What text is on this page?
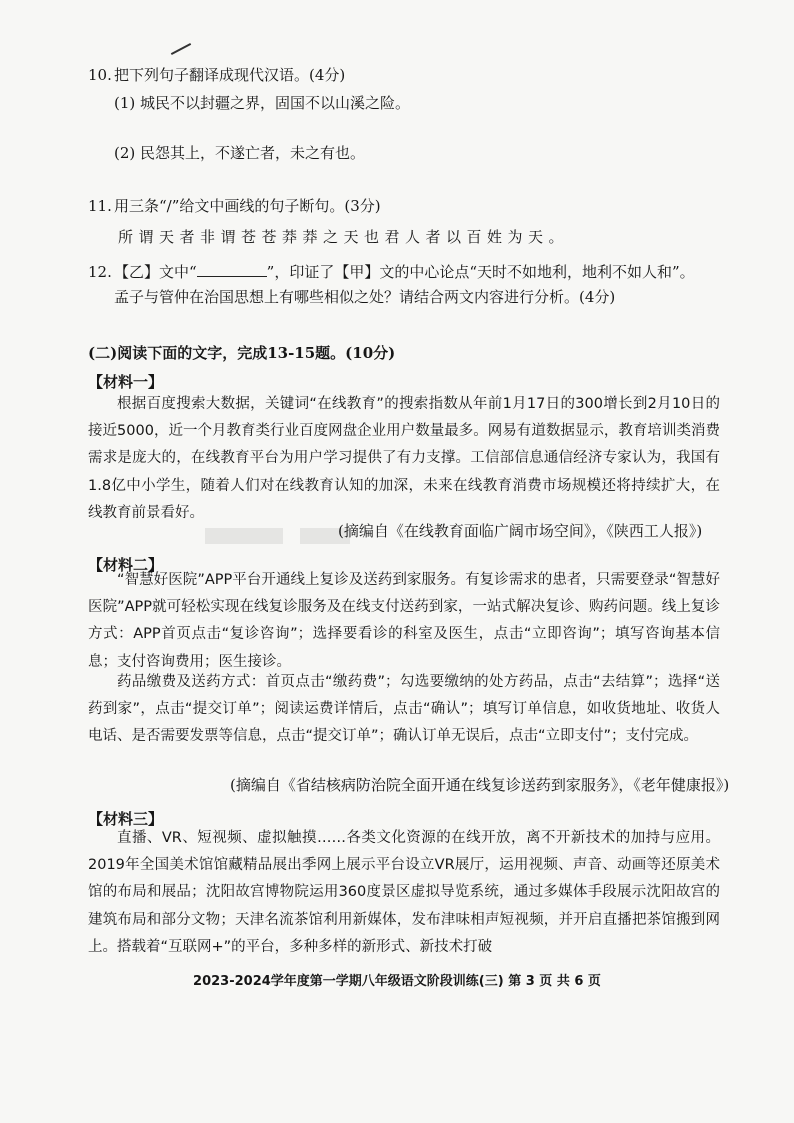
10. 把下列句子翻译成现代汉语。(4分)
(1) 城民不以封疆之界，固国不以山溪之险。
(2) 民怨其上，不遂亡者，未之有也。
11. 用三条“/”给文中画线的句子断句。(3分)
所谓天者非谓苍苍莽莽之天也君人者以百姓为天。
12. 【乙】文中“	”，印证了【甲】文的中心论点“天时不如地利，地利不如人和”。
孟子与管仲在治国思想上有哪些相似之处？请结合两文内容进行分析。(4分)
(二)阅读下面的文字，完成13-15题。(10分)
【材料一】

根据百度搜索大数据，关键词“在线教育”的搜索指数从年前1月17日的300增长到2月10日的接近5000，近一个月教育类行业百度网盘企业用户数量最多。网易有道数据显示，教育培训类消费需求是庞大的，在线教育平台为用户学习提供了有力支撑。工信部信息通信经济专家认为，我国有1.8亿中小学生，随着人们对在线教育认知的加深，未来在线教育消费市场规模还将持续扩大，在线教育前景看好。

(摘编自《在线教育面临广阔市场空间》，《陕西工人报》)
【材料二】

“智慧好医院”APP平台开通线上复诊及送药到家服务。有复诊需求的患者，只需要登录“智慧好医院”APP就可轻松实现在线复诊服务及在线支付送药到家，一站式解决复诊、购药问题。线上复诊方式：APP首页点击“复诊咨询”；选择要看诊的科室及医生，点击“立即咨询”；填写咨询基本信息；支付咨询费用；医生接诊。

药品缴费及送药方式：首页点击“缴药费”；勾选要缴纳的处方药品，点击“去结算”；选择“送药到家”，点击“提交订单”；阅读运费详情后，点击“确认”；填写订单信息，如收货地址、收货人电话、是否需要发票等信息，点击“提交订单”；确认订单无误后，点击“立即支付”；支付完成。

(摘编自《省结核病防治院全面开通在线复诊送药到家服务》，《老年健康报》)
【材料三】

直播、VR、短视频、虚拟触摸……各类文化资源的在线开放，离不开新技术的加持与应用。2019年全国美术馆馆藏精品展出季网上展示平台设立VR展厅，运用视频、声音、动画等还原美术馆的布局和展品；沈阳故宫博物院运用360度景区虚拟导览系统，通过多媒体手段展示沈阳故宫的建筑布局和部分文物；天津名流茶馆利用新媒体，发布津味相声短视频，并开启直播把茶馆搬到网上。搭载着“互联网+”的平台，多种多样的新形式、新技术打破

2023-2024学年度第一学期八年级语文阶段训练(三) 第 3 页 共 6 页
